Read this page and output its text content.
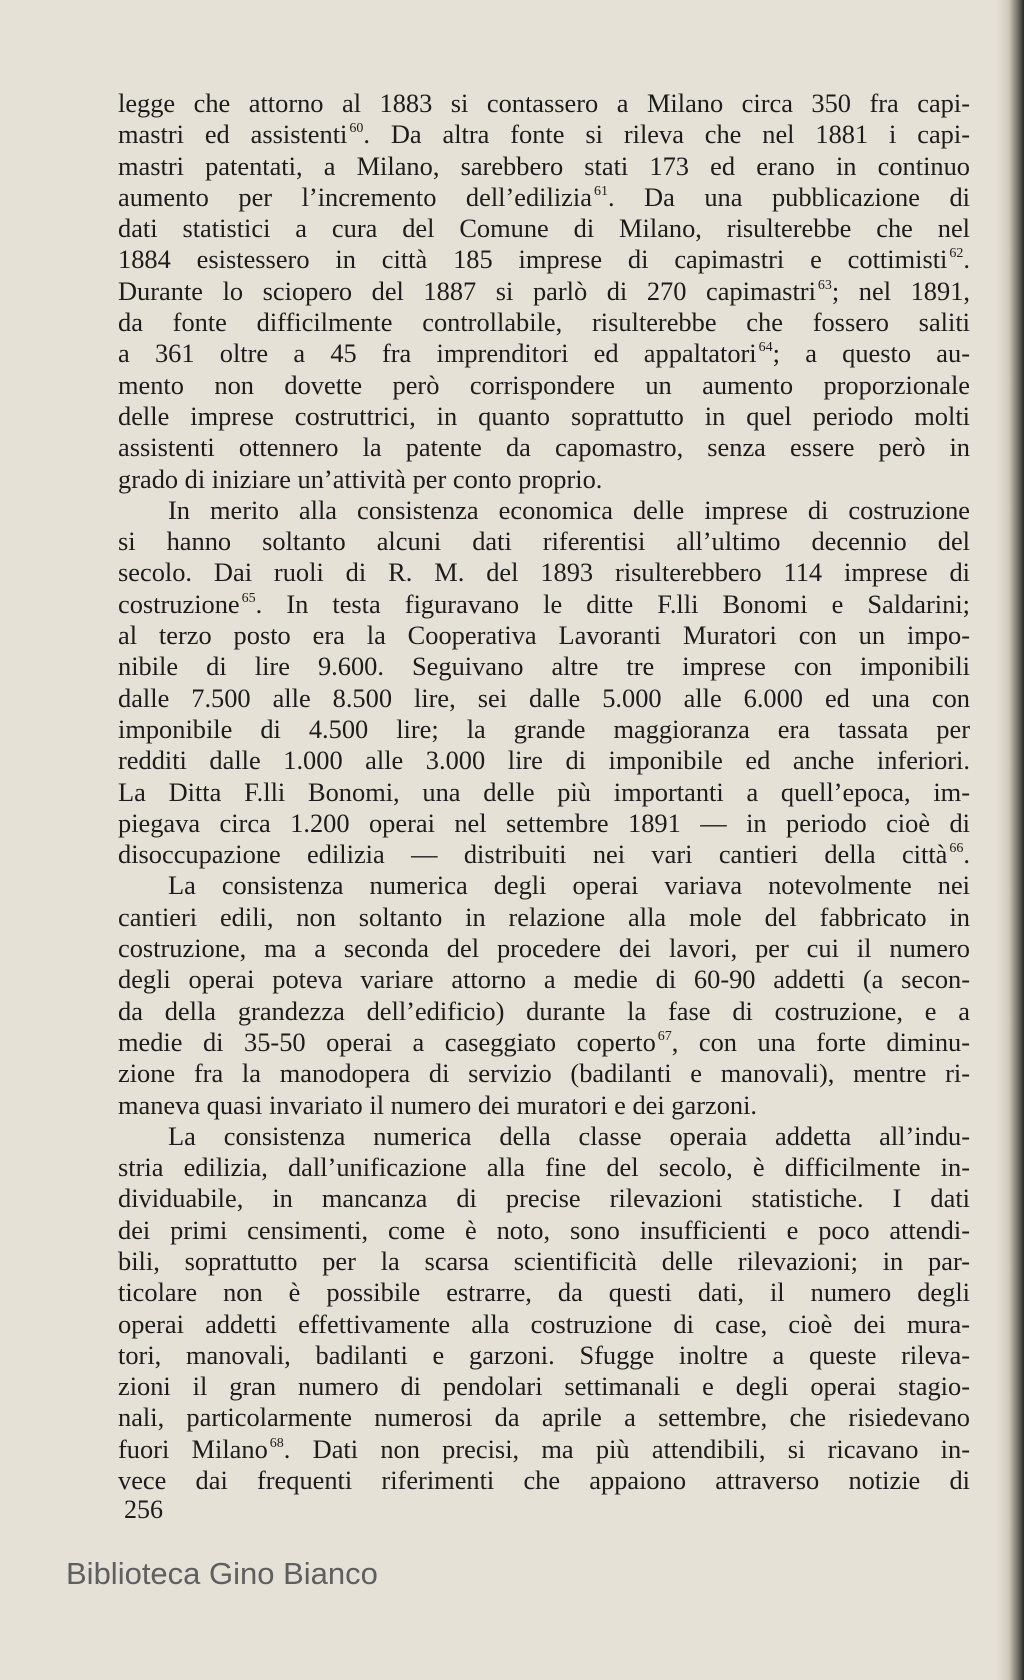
legge che attorno al 1883 si contassero a Milano circa 350 fra capi-
mastri ed assistenti $^{60}$. Da altra fonte si rileva che nel 1881 i capi-
mastri patentati, a Milano, sarebbero stati 173 ed erano in continuo
aumento per l’incremento dell’edilizia $^{61}$. Da una pubblicazione di
dati statistici a cura del Comune di Milano, risulterebbe che nel
1884 esistessero in città 185 imprese di capimastri e cottimisti $^{62}$.
Durante lo sciopero del 1887 si parlò di 270 capimastri $^{63}$; nel 1891,
da fonte difficilmente controllabile, risulterebbe che fossero saliti
a 361 oltre a 45 fra imprenditori ed appaltatori $^{64}$; a questo au-
mento non dovette però corrispondere un aumento proporzionale
delle imprese costruttrici, in quanto soprattutto in quel periodo molti
assistenti ottennero la patente da capomastro, senza essere però in
grado di iniziare un’attività per conto proprio.
In merito alla consistenza economica delle imprese di costruzione
si hanno soltanto alcuni dati riferentisi all’ultimo decennio del
secolo. Dai ruoli di R. M. del 1893 risulterebbero 114 imprese di
costruzione $^{65}$. In testa figuravano le ditte F.lli Bonomi e Saldarini;
al terzo posto era la Cooperativa Lavoranti Muratori con un impo-
nibile di lire 9.600. Seguivano altre tre imprese con imponibili
dalle 7.500 alle 8.500 lire, sei dalle 5.000 alle 6.000 ed una con
imponibile di 4.500 lire; la grande maggioranza era tassata per
redditi dalle 1.000 alle 3.000 lire di imponibile ed anche inferiori.
La Ditta F.lli Bonomi, una delle più importanti a quell’epoca, im-
piegava circa 1.200 operai nel settembre 1891 — in periodo cioè di
disoccupazione edilizia — distribuiti nei vari cantieri della città $^{66}$.
La consistenza numerica degli operai variava notevolmente nei
cantieri edili, non soltanto in relazione alla mole del fabbricato in
costruzione, ma a seconda del procedere dei lavori, per cui il numero
degli operai poteva variare attorno a medie di 60-90 addetti (a secon-
da della grandezza dell’edificio) durante la fase di costruzione, e a
medie di 35-50 operai a caseggiato coperto $^{67}$, con una forte diminu-
zione fra la manodopera di servizio (badilanti e manovali), mentre ri-
maneva quasi invariato il numero dei muratori e dei garzoni.
La consistenza numerica della classe operaia addetta all’indu-
stria edilizia, dall’unificazione alla fine del secolo, è difficilmente in-
dividuabile, in mancanza di precise rilevazioni statistiche. I dati
dei primi censimenti, come è noto, sono insufficienti e poco attendi-
bili, soprattutto per la scarsa scientificità delle rilevazioni; in par-
ticolare non è possibile estrarre, da questi dati, il numero degli
operai addetti effettivamente alla costruzione di case, cioè dei mura-
tori, manovali, badilanti e garzoni. Sfugge inoltre a queste rileva-
zioni il gran numero di pendolari settimanali e degli operai stagio-
nali, particolarmente numerosi da aprile a settembre, che risiedevano
fuori Milano $^{68}$. Dati non precisi, ma più attendibili, si ricavano in-
vece dai frequenti riferimenti che appaiono attraverso notizie di
256
Biblioteca Gino Bianco
